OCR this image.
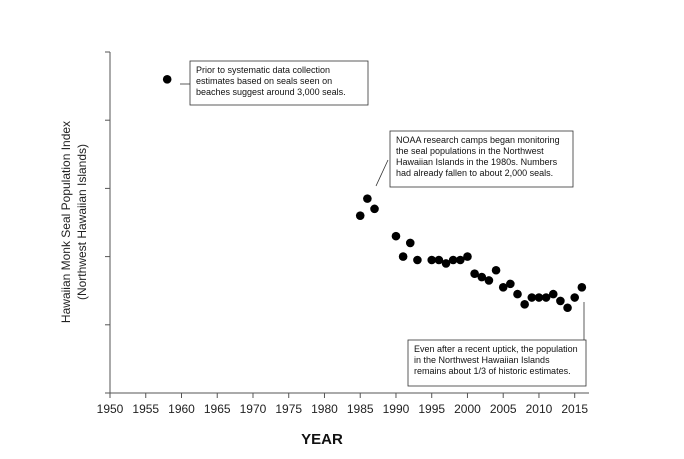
Hawaiian Monk Seal Population Index (Northwest Hawaiian Islands)
YEAR
1950 1955 1960 1965 1970 1975 1980 1985 1990 1995 2000 2005 2010 2015
Prior to systematic data collection
estimates based on seals seen on
beaches suggest around 3,000 seals.
NOAA research camps began monitoring
the seal populations in the Northwest
Hawaiian Islands in the 1980s. Numbers
had already fallen to about 2,000 seals.
Even after a recent uptick, the population
in the Northwest Hawaiian Islands
remains about 1/3 of historic estimates.
